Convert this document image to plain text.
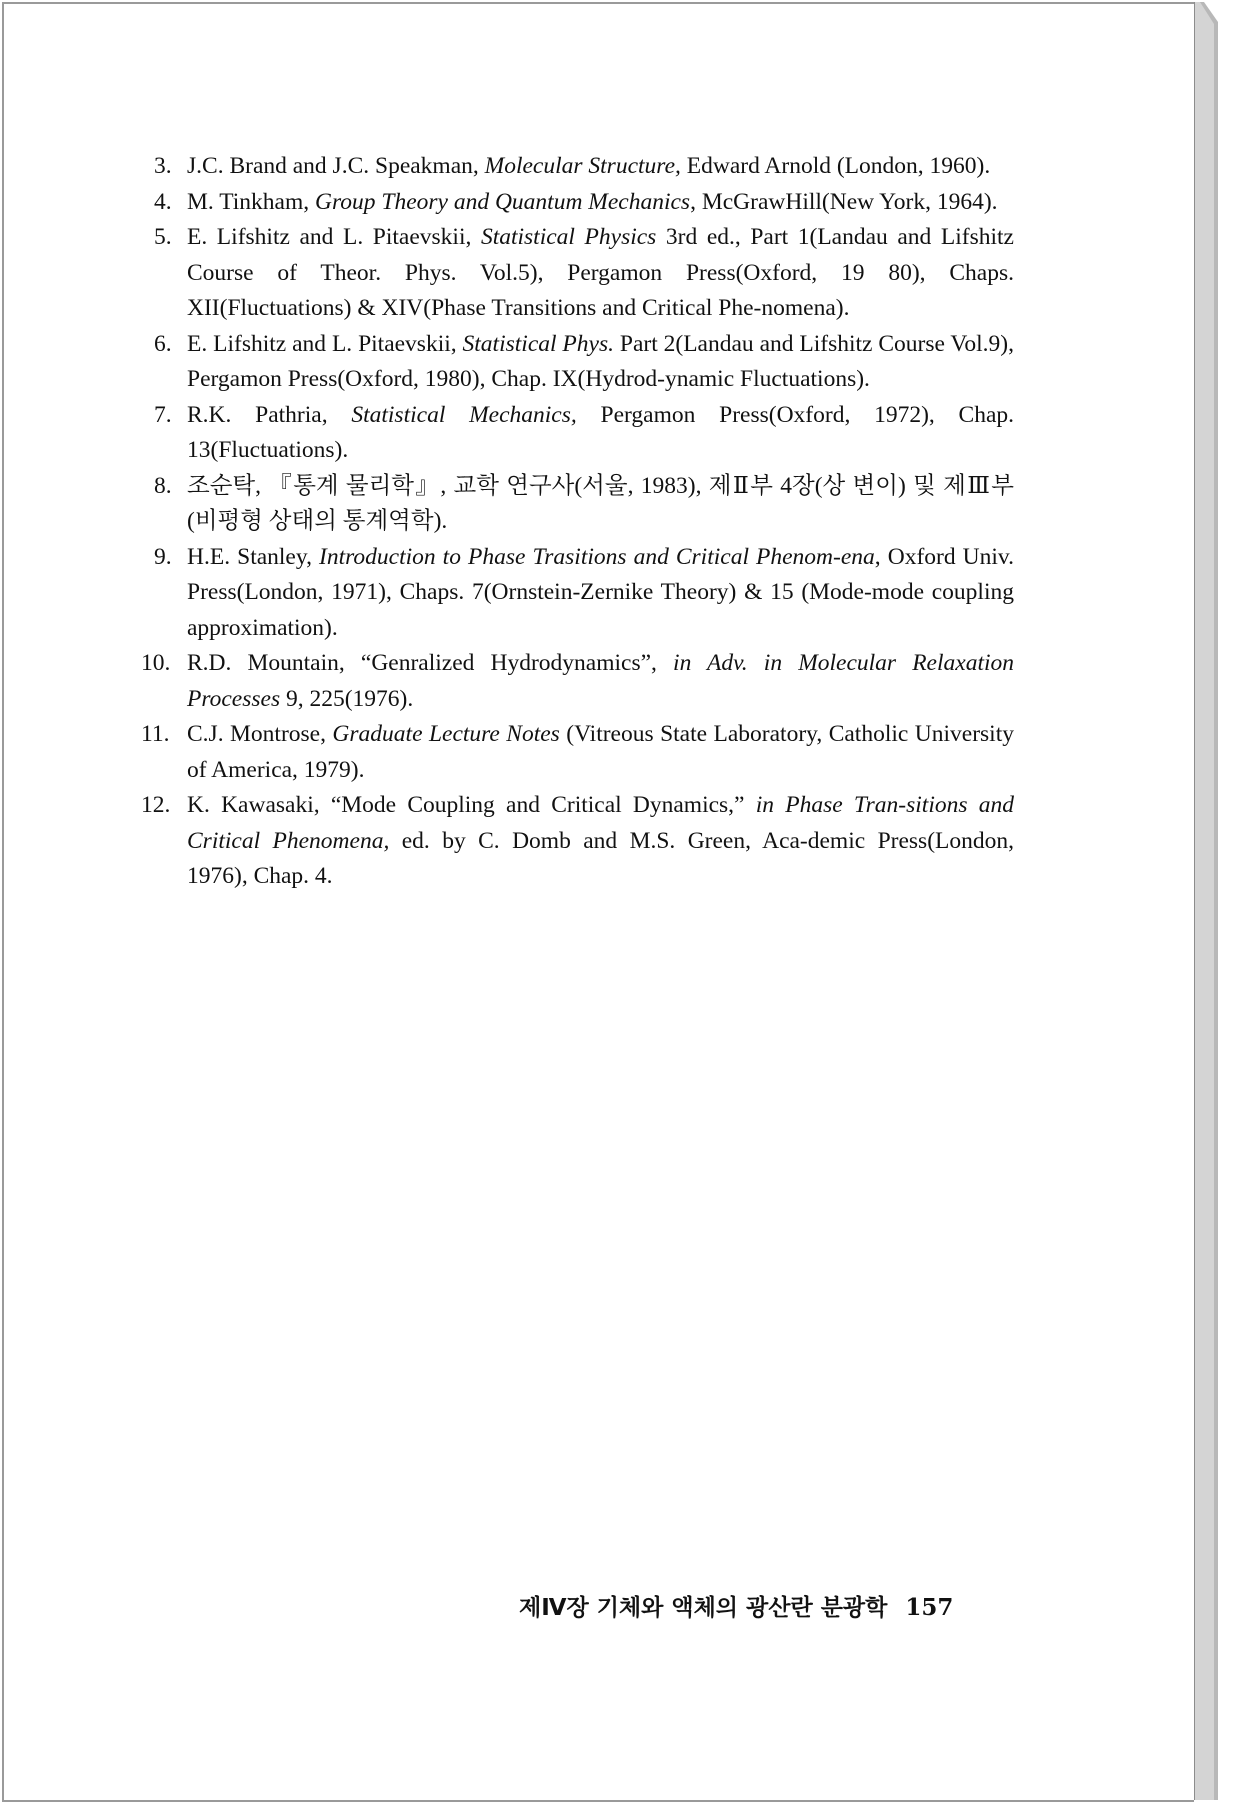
3. J.C. Brand and J.C. Speakman, Molecular Structure, Edward Arnold (London, 1960).
4. M. Tinkham, Group Theory and Quantum Mechanics, McGrawHill(New York, 1964).
5. E. Lifshitz and L. Pitaevskii, Statistical Physics 3rd ed., Part 1(Landau and Lifshitz Course of Theor. Phys. Vol.5), Pergamon Press(Oxford, 19 80), Chaps. XII(Fluctuations) & XIV(Phase Transitions and Critical Phe-nomena).
6. E. Lifshitz and L. Pitaevskii, Statistical Phys. Part 2(Landau and Lifshitz Course Vol.9), Pergamon Press(Oxford, 1980), Chap. IX(Hydrod-ynamic Fluctuations).
7. R.K. Pathria, Statistical Mechanics, Pergamon Press(Oxford, 1972), Chap. 13(Fluctuations).
8. 조순탁, 『통계 물리학』, 교학 연구사(서울, 1983), 제Ⅱ부 4장(상 변이) 및 제Ⅲ부(비평형 상태의 통계역학).
9. H.E. Stanley, Introduction to Phase Trasitions and Critical Phenom-ena, Oxford Univ. Press(London, 1971), Chaps. 7(Ornstein-Zernike Theory) & 15 (Mode-mode coupling approximation).
10. R.D. Mountain, “Genralized Hydrodynamics”, in Adv. in Molecular Relaxation Processes 9, 225(1976).
11. C.J. Montrose, Graduate Lecture Notes (Vitreous State Laboratory, Catholic University of America, 1979).
12. K. Kawasaki, “Mode Coupling and Critical Dynamics,” in Phase Tran-sitions and Critical Phenomena, ed. by C. Domb and M.S. Green, Aca-demic Press(London, 1976), Chap. 4.
제Ⅳ장 기체와 액체의 광산란 분광학 157
